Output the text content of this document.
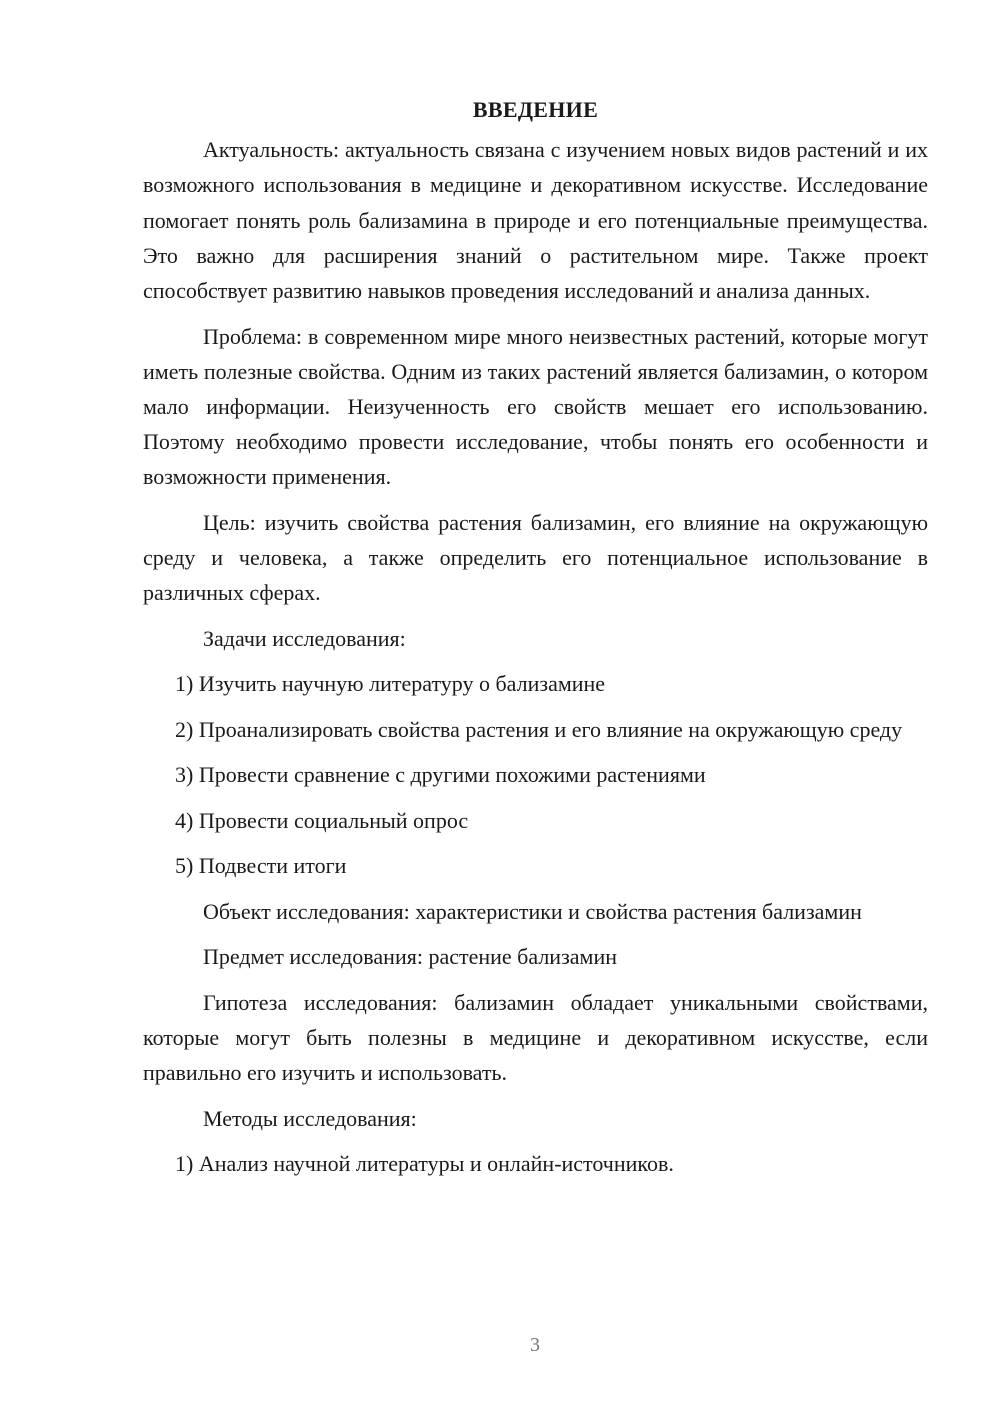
ВВЕДЕНИЕ
Актуальность: актуальность связана с изучением новых видов растений и их возможного использования в медицине и декоративном искусстве. Исследование помогает понять роль бализамина в природе и его потенциальные преимущества. Это важно для расширения знаний о растительном мире. Также проект способствует развитию навыков проведения исследований и анализа данных.
Проблема: в современном мире много неизвестных растений, которые могут иметь полезные свойства. Одним из таких растений является бализамин, о котором мало информации. Неизученность его свойств мешает его использованию. Поэтому необходимо провести исследование, чтобы понять его особенности и возможности применения.
Цель: изучить свойства растения бализамин, его влияние на окружающую среду и человека, а также определить его потенциальное использование в различных сферах.
Задачи исследования:
1) Изучить научную литературу о бализамине
2) Проанализировать свойства растения и его влияние на окружающую среду
3) Провести сравнение с другими похожими растениями
4) Провести социальный опрос
5) Подвести итоги
Объект исследования: характеристики и свойства растения бализамин
Предмет исследования: растение бализамин
Гипотеза исследования: бализамин обладает уникальными свойствами, которые могут быть полезны в медицине и декоративном искусстве, если правильно его изучить и использовать.
Методы исследования:
1) Анализ научной литературы и онлайн-источников.
3
